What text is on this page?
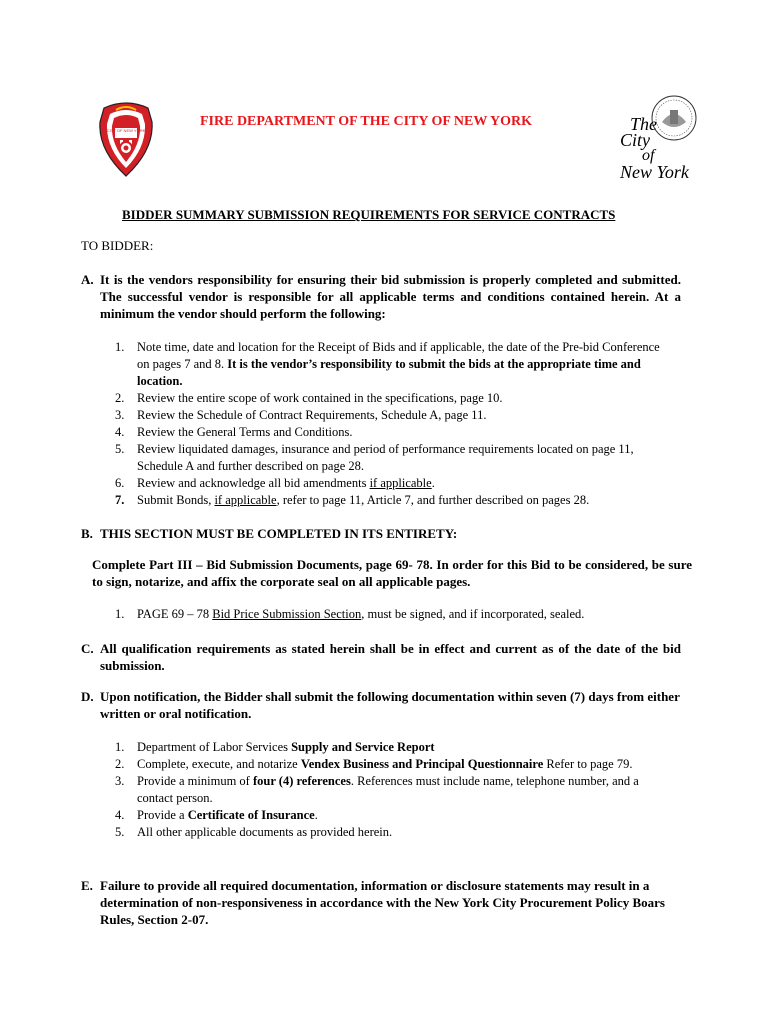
CITY OF NEW YORK
FIRE DEPARTMENT OF THE CITY OF NEW YORK	The
City
of
New York
BIDDER SUMMARY SUBMISSION REQUIREMENTS FOR SERVICE CONTRACTS
TO BIDDER:
A. It is the vendors responsibility for ensuring their bid submission is properly completed and submitted. The successful vendor is responsible for all applicable terms and conditions contained herein. At a minimum the vendor should perform the following:
1. Note time, date and location for the Receipt of Bids and if applicable, the date of the Pre-bid Conference on pages 7 and 8. It is the vendor’s responsibility to submit the bids at the appropriate time and location.
2. Review the entire scope of work contained in the specifications, page 10.
3. Review the Schedule of Contract Requirements, Schedule A, page 11.
4. Review the General Terms and Conditions.
5. Review liquidated damages, insurance and period of performance requirements located on page 11, Schedule A and further described on page 28.
6. Review and acknowledge all bid amendments if applicable.
7. Submit Bonds, if applicable, refer to page 11, Article 7, and further described on pages 28.
B. THIS SECTION MUST BE COMPLETED IN ITS ENTIRETY:
Complete Part III – Bid Submission Documents, page 69- 78. In order for this Bid to be considered, be sure to sign, notarize, and affix the corporate seal on all applicable pages.
1. PAGE 69 – 78 Bid Price Submission Section, must be signed, and if incorporated, sealed.
C. All qualification requirements as stated herein shall be in effect and current as of the date of the bid submission.
D. Upon notification, the Bidder shall submit the following documentation within seven (7) days from either written or oral notification.
1. Department of Labor Services Supply and Service Report
2. Complete, execute, and notarize Vendex Business and Principal Questionnaire Refer to page 79.
3. Provide a minimum of four (4) references. References must include name, telephone number, and a contact person.
4. Provide a Certificate of Insurance.
5. All other applicable documents as provided herein.
E. Failure to provide all required documentation, information or disclosure statements may result in a determination of non-responsiveness in accordance with the New York City Procurement Policy Boars Rules, Section 2-07.
